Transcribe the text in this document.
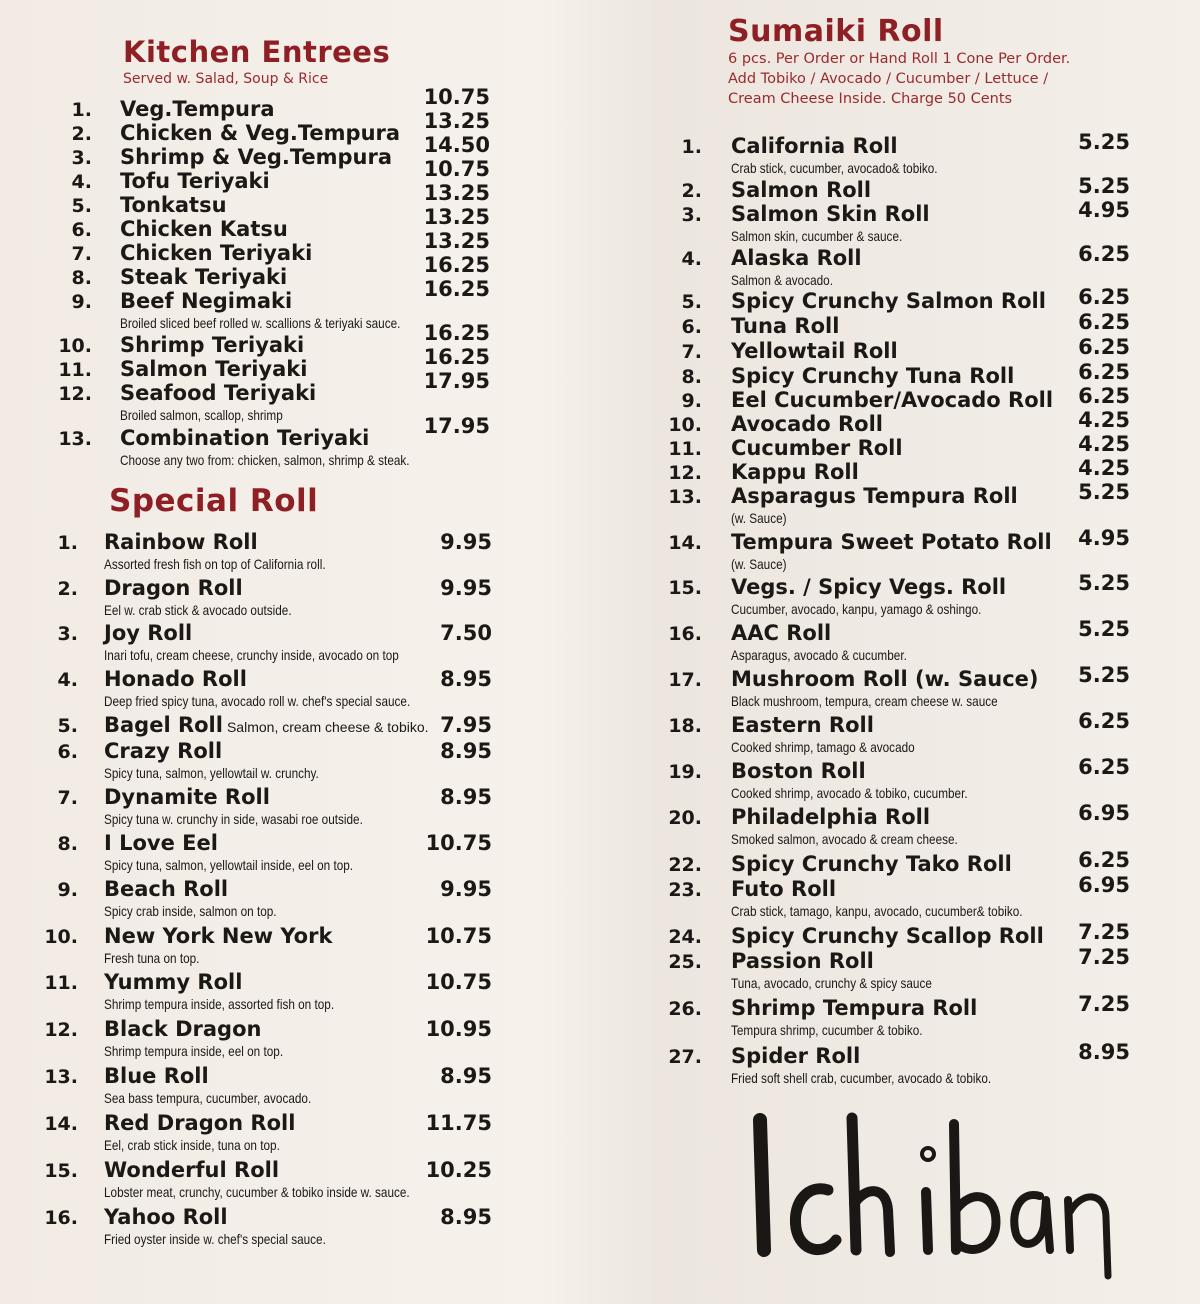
Kitchen Entrees

Served w. Salad, Soup & Rice

1. Veg.Tempura	10.75
2. Chicken & Veg.Tempura 13.25
3. Shrimp & Veg.Tempura 14.50
4. Tofu Teriyaki	10.75
5. Tonkatsu	13.25
6. Chicken Katsu	13.25
7. Chicken Teriyaki	13.25
8. Steak Teriyaki	16.25
9. Beef Negimaki	16.25
Broiled sliced beef rolled w. scallions & teriyaki sauce.
10. Shrimp Teriyaki	16.25
11. Salmon Teriyaki	16.25
12. Seafood Teriyaki	17.95
Broiled salmon, scallop, shrimp
13. Combination Teriyaki	17.95
Choose any two from: chicken, salmon, shrimp & steak.
Special Roll
1. Rainbow Roll	9.95
Assorted fresh fish on top of California roll.
2. Dragon Roll	9.95
Eel w. crab stick & avocado outside.
3. Joy Roll	7.50
Inari tofu, cream cheese, crunchy inside, avocado on top
4. Honado Roll	8.95
Deep fried spicy tuna, avocado roll w. chef's special sauce.
5. Bagel Roll Salmon, cream cheese & tobiko. 7.95
6. Crazy Roll	8.95
Spicy tuna, salmon, yellowtail w. crunchy.
7. Dynamite Roll	8.95
Spicy tuna w. crunchy in side, wasabi roe outside.
8. I Love Eel	10.75
Spicy tuna, salmon, yellowtail inside, eel on top.
9. Beach Roll	9.95
Spicy crab inside, salmon on top.
10. New York New York	10.75
Fresh tuna on top.
11. Yummy Roll	10.75
Shrimp tempura inside, assorted fish on top.
12. Black Dragon	10.95
Shrimp tempura inside, eel on top.
13. Blue Roll	8.95
Sea bass tempura, cucumber, avocado.
14. Red Dragon Roll	11.75
Eel, crab stick inside, tuna on top.
15. Wonderful Roll	10.25
Lobster meat, crunchy, cucumber & tobiko inside w. sauce.
16. Yahoo Roll	8.95
Fried oyster inside w. chef's special sauce.
Sumaiki Roll

6 pcs. Per Order or Hand Roll 1 Cone Per Order. Add Tobiko / Avocado / Cucumber / Lettuce / Cream Cheese Inside. Charge 50 Cents

1. California Roll	5.25
Crab stick, cucumber, avocado& tobiko.
2. Salmon Roll	5.25
3. Salmon Skin Roll	4.95
Salmon skin, cucumber & sauce.
4. Alaska Roll	6.25
Salmon & avocado.
5. Spicy Crunchy Salmon Roll	6.25
6. Tuna Roll	6.25
7. Yellowtail Roll	6.25
8. Spicy Crunchy Tuna Roll	6.25
9. Eel Cucumber/Avocado Roll	6.25
10. Avocado Roll	4.25
11. Cucumber Roll	4.25
12. Kappu Roll	4.25
13. Asparagus Tempura Roll	5.25
(w. Sauce)
14. Tempura Sweet Potato Roll	4.95
(w. Sauce)
15. Vegs. / Spicy Vegs. Roll	5.25
Cucumber, avocado, kanpu, yamago & oshingo.
16. AAC Roll	5.25
Asparagus, avocado & cucumber.
17. Mushroom Roll (w. Sauce)	5.25
Black mushroom, tempura, cream cheese w. sauce
18. Eastern Roll	6.25
Cooked shrimp, tamago & avocado
19. Boston Roll	6.25
Cooked shrimp, avocado & tobiko, cucumber.
20. Philadelphia Roll	6.95
Smoked salmon, avocado & cream cheese.
22. Spicy Crunchy Tako Roll	6.25
23. Futo Roll	6.95
Crab stick, tamago, kanpu, avocado, cucumber& tobiko.
24. Spicy Crunchy Scallop Roll	7.25
25. Passion Roll	7.25
Tuna, avocado, crunchy & spicy sauce
26. Shrimp Tempura Roll	7.25
Tempura shrimp, cucumber & tobiko.
27. Spider Roll	8.95
Fried soft shell crab, cucumber, avocado & tobiko.
